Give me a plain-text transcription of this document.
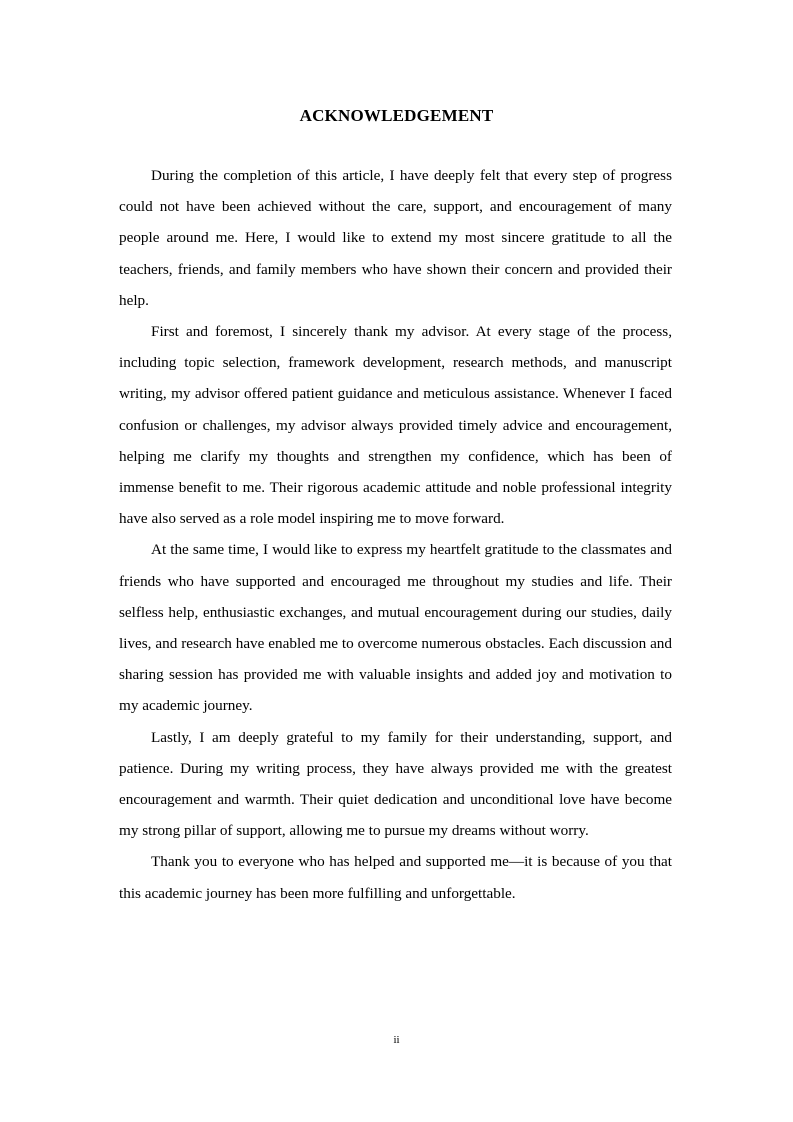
ACKNOWLEDGEMENT

During the completion of this article, I have deeply felt that every step of progress could not have been achieved without the care, support, and encouragement of many people around me. Here, I would like to extend my most sincere gratitude to all the teachers, friends, and family members who have shown their concern and provided their help.

First and foremost, I sincerely thank my advisor. At every stage of the process, including topic selection, framework development, research methods, and manuscript writing, my advisor offered patient guidance and meticulous assistance. Whenever I faced confusion or challenges, my advisor always provided timely advice and encouragement, helping me clarify my thoughts and strengthen my confidence, which has been of immense benefit to me. Their rigorous academic attitude and noble professional integrity have also served as a role model inspiring me to move forward.

At the same time, I would like to express my heartfelt gratitude to the classmates and friends who have supported and encouraged me throughout my studies and life. Their selfless help, enthusiastic exchanges, and mutual encouragement during our studies, daily lives, and research have enabled me to overcome numerous obstacles. Each discussion and sharing session has provided me with valuable insights and added joy and motivation to my academic journey.

Lastly, I am deeply grateful to my family for their understanding, support, and patience. During my writing process, they have always provided me with the greatest encouragement and warmth. Their quiet dedication and unconditional love have become my strong pillar of support, allowing me to pursue my dreams without worry.

Thank you to everyone who has helped and supported me—it is because of you that this academic journey has been more fulfilling and unforgettable.

ii
